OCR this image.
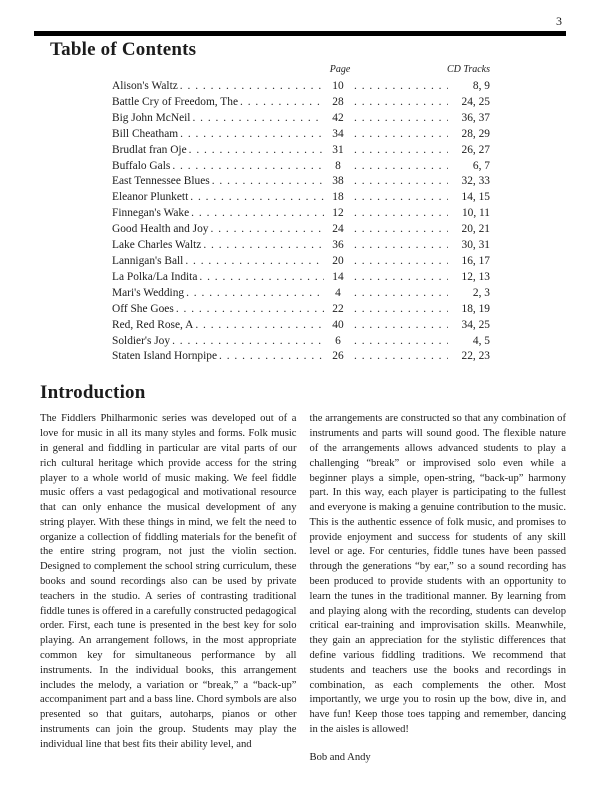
3
Table of Contents
Page	CD Tracks
Alison's Waltz . . .	10 . . .	8, 9
Battle Cry of Freedom, The . . .	28 . . .	24, 25
Big John McNeil . . .	42 . . .	36, 37
Bill Cheatham . . .	34 . . .	28, 29
Brudlat fran Oje . . .	31 . . .	26, 27
Buffalo Gals . . .	8 . . .	6, 7
East Tennessee Blues . . .	38 . . .	32, 33
Eleanor Plunkett . . .	18 . . .	14, 15
Finnegan's Wake . . .	12 . . .	10, 11
Good Health and Joy . . .	24 . . .	20, 21
Lake Charles Waltz . . .	36 . . .	30, 31
Lannigan's Ball . . .	20 . . .	16, 17
La Polka/La Indita . . .	14 . . .	12, 13
Mari's Wedding . . .	4 . . .	2, 3
Off She Goes . . .	22 . . .	18, 19
Red, Red Rose, A . . .	40 . . .	34, 25
Soldier's Joy . . .	6 . . .	4, 5
Staten Island Hornpipe . . .	26 . . .	22, 23
Introduction
The Fiddlers Philharmonic series was developed out of a love for music in all its many styles and forms. Folk music in general and fiddling in particular are vital parts of our rich cultural heritage which provide access for the string player to a whole world of music making. We feel fiddle music offers a vast pedagogical and motivational resource that can only enhance the musical development of any string player. With these things in mind, we felt the need to organize a collection of fiddling materials for the benefit of the entire string program, not just the violin section. Designed to complement the school string curriculum, these books and sound recordings also can be used by private teachers in the studio. A series of contrasting traditional fiddle tunes is offered in a carefully constructed pedagogical order. First, each tune is presented in the best key for solo playing. An arrangement follows, in the most appropriate common key for simultaneous performance by all instruments. In the individual books, this arrangement includes the melody, a variation or “break,” a “back-up” accompaniment part and a bass line. Chord symbols are also presented so that guitars, autoharps, pianos or other instruments can join the group. Students may play the individual line that best fits their ability level, and
the arrangements are constructed so that any combination of instruments and parts will sound good. The flexible nature of the arrangements allows advanced students to play a challenging “break” or improvised solo even while a beginner plays a simple, open-string, “back-up” harmony part. In this way, each player is participating to the fullest and everyone is making a genuine contribution to the music. This is the authentic essence of folk music, and promises to provide enjoyment and success for students of any skill level or age. For centuries, fiddle tunes have been passed through the generations “by ear,” so a sound recording has been produced to provide students with an opportunity to learn the tunes in the traditional manner. By learning from and playing along with the recording, students can develop critical ear-training and improvisation skills. Meanwhile, they gain an appreciation for the stylistic differences that define various fiddling traditions. We recommend that students and teachers use the books and recordings in combination, as each complements the other. Most importantly, we urge you to rosin up the bow, dive in, and have fun! Keep those toes tapping and remember, dancing in the aisles is allowed!
Bob and Andy
